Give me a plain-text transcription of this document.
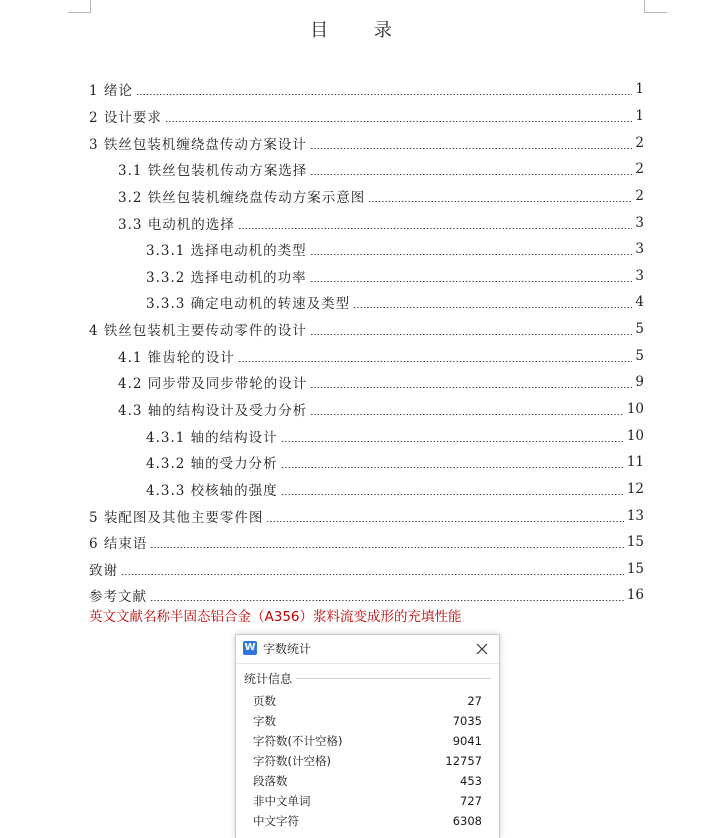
目 录
1 绪论	1
2 设计要求	1
3 铁丝包装机缠绕盘传动方案设计	2
3.1 铁丝包装机传动方案选择	2
3.2 铁丝包装机缠绕盘传动方案示意图	2
3.3 电动机的选择	3
3.3.1 选择电动机的类型	3
3.3.2 选择电动机的功率	3
3.3.3 确定电动机的转速及类型	4
4 铁丝包装机主要传动零件的设计	5
4.1 锥齿轮的设计	5
4.2 同步带及同步带轮的设计	9
4.3 轴的结构设计及受力分析	10
4.3.1 轴的结构设计	10
4.3.2 轴的受力分析	11
4.3.3 校核轴的强度	12
5 装配图及其他主要零件图	13
6 结束语	15
致谢	15
参考文献	16
英文文献名称半固态铝合金（A356）浆料流变成形的充填性能
W 字数统计
统计信息
页数	27
字数	7035
字符数(不计空格)	9041
字符数(计空格)	12757
段落数	453
非中文单词	727
中文字符	6308
